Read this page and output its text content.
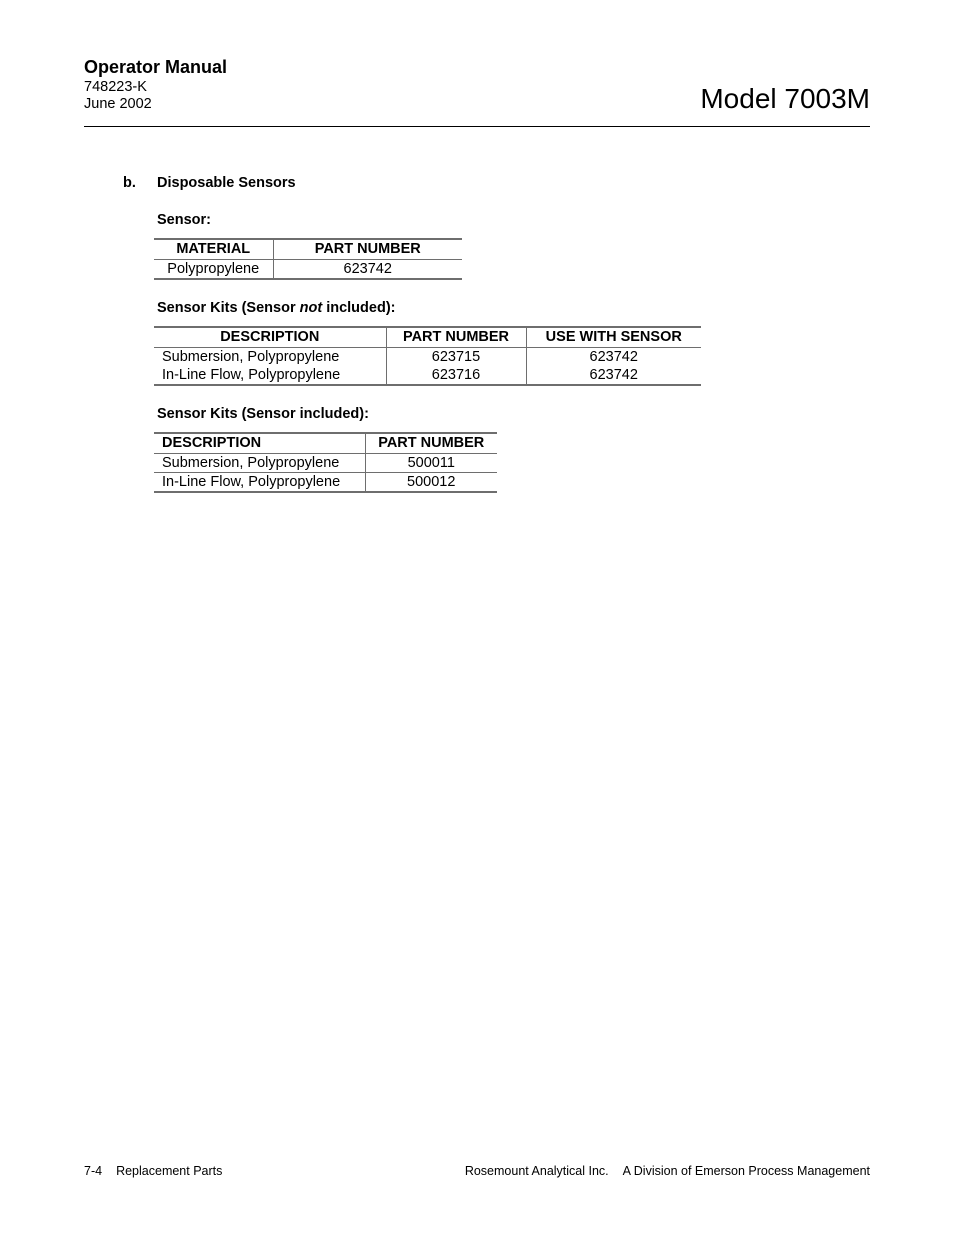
Operator Manual
748223-K
June 2002	Model 7003M
b. Disposable Sensors
Sensor:
MATERIAL	PART NUMBER
Polypropylene	623742
Sensor Kits (Sensor not included):
DESCRIPTION	PART NUMBER	USE WITH SENSOR
Submersion, Polypropylene	623715	623742
In-Line Flow, Polypropylene	623716	623742
Sensor Kits (Sensor included):
DESCRIPTION	PART NUMBER
Submersion, Polypropylene	500011
In-Line Flow, Polypropylene	500012
7-4 Replacement Parts	Rosemount Analytical Inc. A Division of Emerson Process Management
